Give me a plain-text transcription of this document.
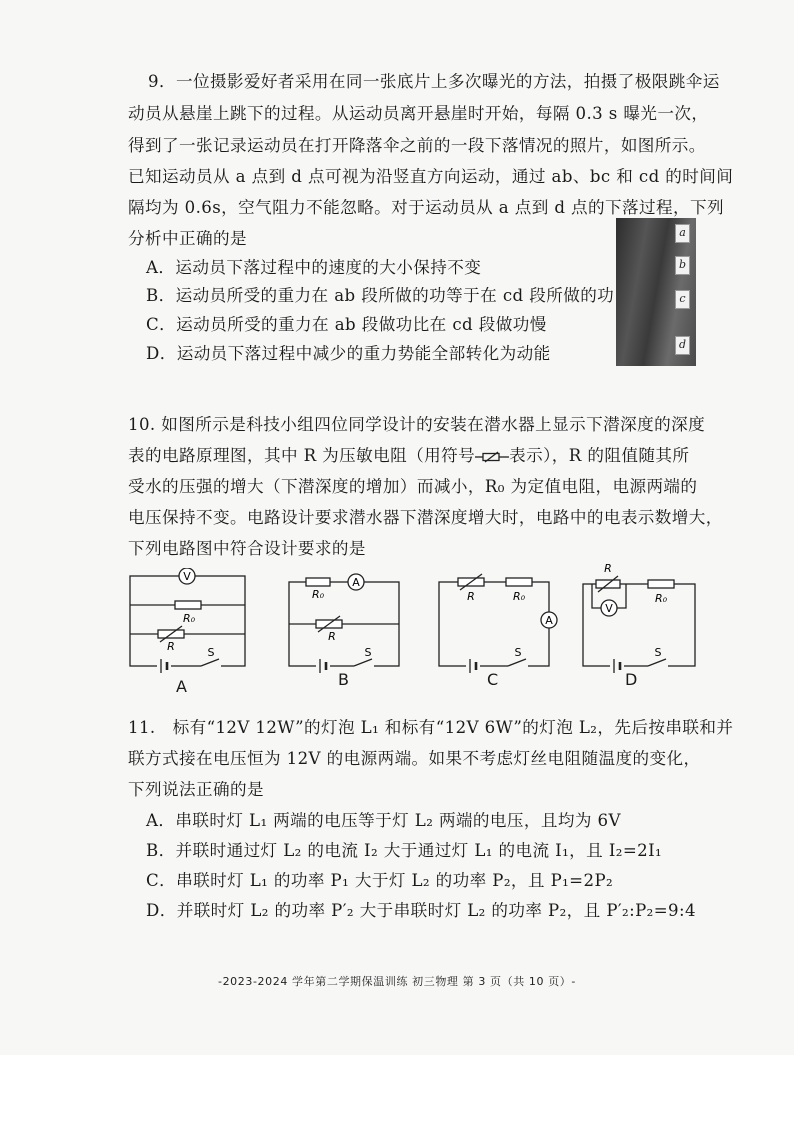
9．一位摄影爱好者采用在同一张底片上多次曝光的方法，拍摄了极限跳伞运
动员从悬崖上跳下的过程。从运动员离开悬崖时开始，每隔 0.3 s 曝光一次，
得到了一张记录运动员在打开降落伞之前的一段下落情况的照片，如图所示。
已知运动员从 a 点到 d 点可视为沿竖直方向运动，通过 ab、bc 和 cd 的时间间
隔均为 0.6s，空气阻力不能忽略。对于运动员从 a 点到 d 点的下落过程，下列
分析中正确的是
A．运动员下落过程中的速度的大小保持不变
B．运动员所受的重力在 ab 段所做的功等于在 cd 段所做的功
C．运动员所受的重力在 ab 段做功比在 cd 段做功慢
D．运动员下落过程中减少的重力势能全部转化为动能
a
b
c
d
10. 如图所示是科技小组四位同学设计的安装在潜水器上显示下潜深度的深度
表的电路原理图，其中 R 为压敏电阻（用符号 表示），R 的阻值随其所
受水的压强的增大（下潜深度的增加）而减小，R₀ 为定值电阻，电源两端的
电压保持不变。电路设计要求潜水器下潜深度增大时，电路中的电表示数增大，
下列电路图中符合设计要求的是
V
R₀
R	S
A
R₀
A
R
S
B
R	R₀
A
S
C
R
V
R₀
S
D
11.　标有“12V 12W”的灯泡 L₁ 和标有“12V 6W”的灯泡 L₂，先后按串联和并
联方式接在电压恒为 12V 的电源两端。如果不考虑灯丝电阻随温度的变化，
下列说法正确的是
A．串联时灯 L₁ 两端的电压等于灯 L₂ 两端的电压，且均为 6V
B．并联时通过灯 L₂ 的电流 I₂ 大于通过灯 L₁ 的电流 I₁，且 I₂=2I₁
C．串联时灯 L₁ 的功率 P₁ 大于灯 L₂ 的功率 P₂，且 P₁=2P₂
D．并联时灯 L₂ 的功率 P′₂ 大于串联时灯 L₂ 的功率 P₂，且 P′₂:P₂=9:4
-2023-2024 学年第二学期保温训练 初三物理 第 3 页（共 10 页）-
